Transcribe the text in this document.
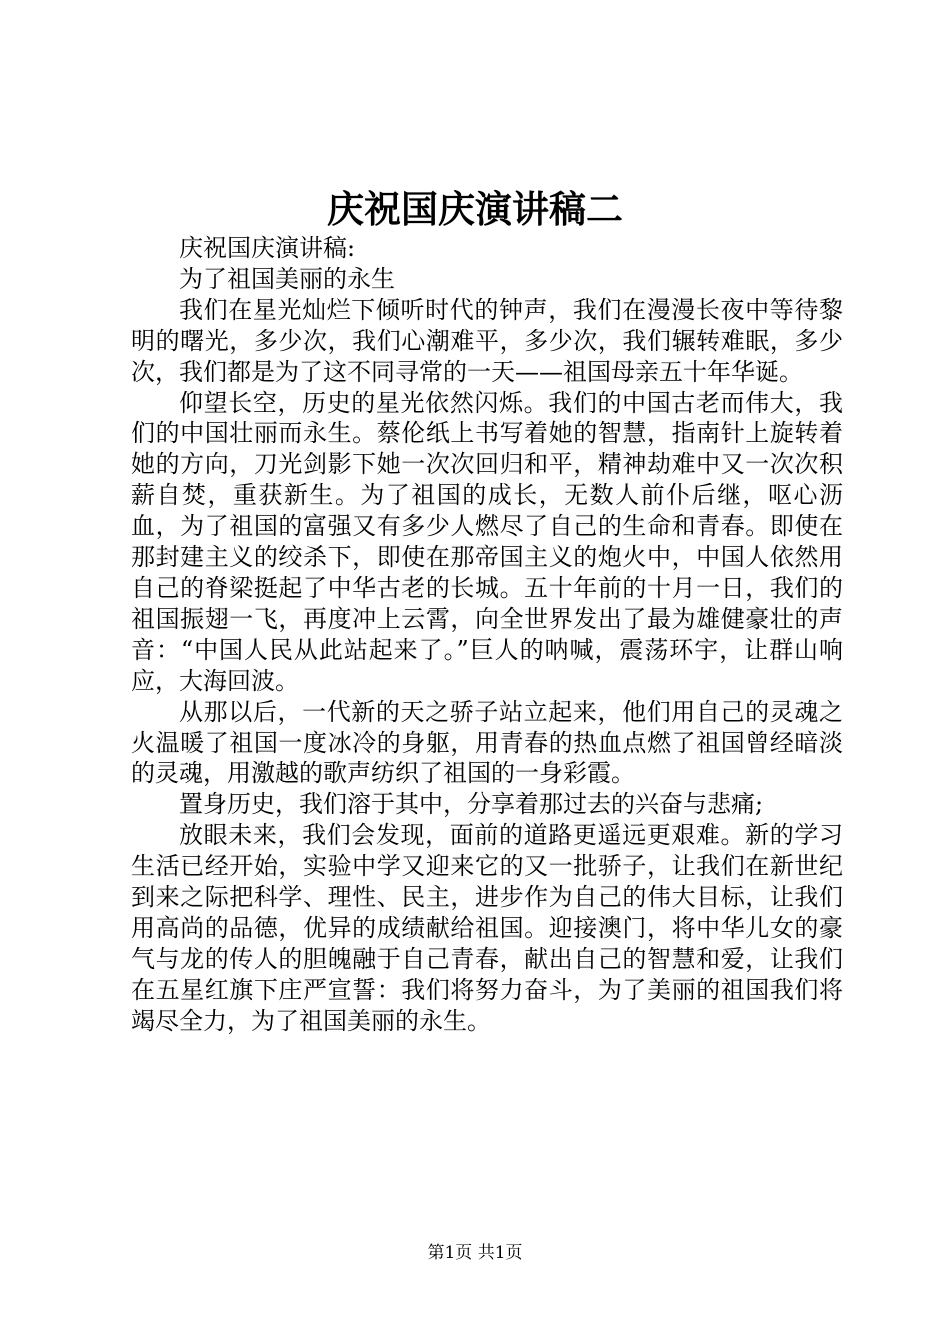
庆祝国庆演讲稿二

庆祝国庆演讲稿:

为了祖国美丽的永生

我们在星光灿烂下倾听时代的钟声，我们在漫漫长夜中等待黎明的曙光，多少次，我们心潮难平，多少次，我们辗转难眠，多少次，我们都是为了这不同寻常的一天——祖国母亲五十年华诞。

仰望长空，历史的星光依然闪烁。我们的中国古老而伟大，我们的中国壮丽而永生。蔡伦纸上书写着她的智慧，指南针上旋转着她的方向，刀光剑影下她一次次回归和平，精神劫难中又一次次积薪自焚，重获新生。为了祖国的成长，无数人前仆后继，呕心沥血，为了祖国的富强又有多少人燃尽了自己的生命和青春。即使在那封建主义的绞杀下，即使在那帝国主义的炮火中，中国人依然用自己的脊梁挺起了中华古老的长城。五十年前的十月一日，我们的祖国振翅一飞，再度冲上云霄，向全世界发出了最为雄健豪壮的声音：“中国人民从此站起来了。”巨人的呐喊，震荡环宇，让群山响应，大海回波。

从那以后，一代新的天之骄子站立起来，他们用自己的灵魂之火温暖了祖国一度冰冷的身躯，用青春的热血点燃了祖国曾经暗淡的灵魂，用激越的歌声纺织了祖国的一身彩霞。

置身历史，我们溶于其中，分享着那过去的兴奋与悲痛;

放眼未来，我们会发现，面前的道路更遥远更艰难。新的学习生活已经开始，实验中学又迎来它的又一批骄子，让我们在新世纪到来之际把科学、理性、民主，进步作为自己的伟大目标，让我们用高尚的品德，优异的成绩献给祖国。迎接澳门，将中华儿女的豪气与龙的传人的胆魄融于自己青春，献出自己的智慧和爱，让我们在五星红旗下庄严宣誓：我们将努力奋斗，为了美丽的祖国我们将竭尽全力，为了祖国美丽的永生。

第1页 共1页
